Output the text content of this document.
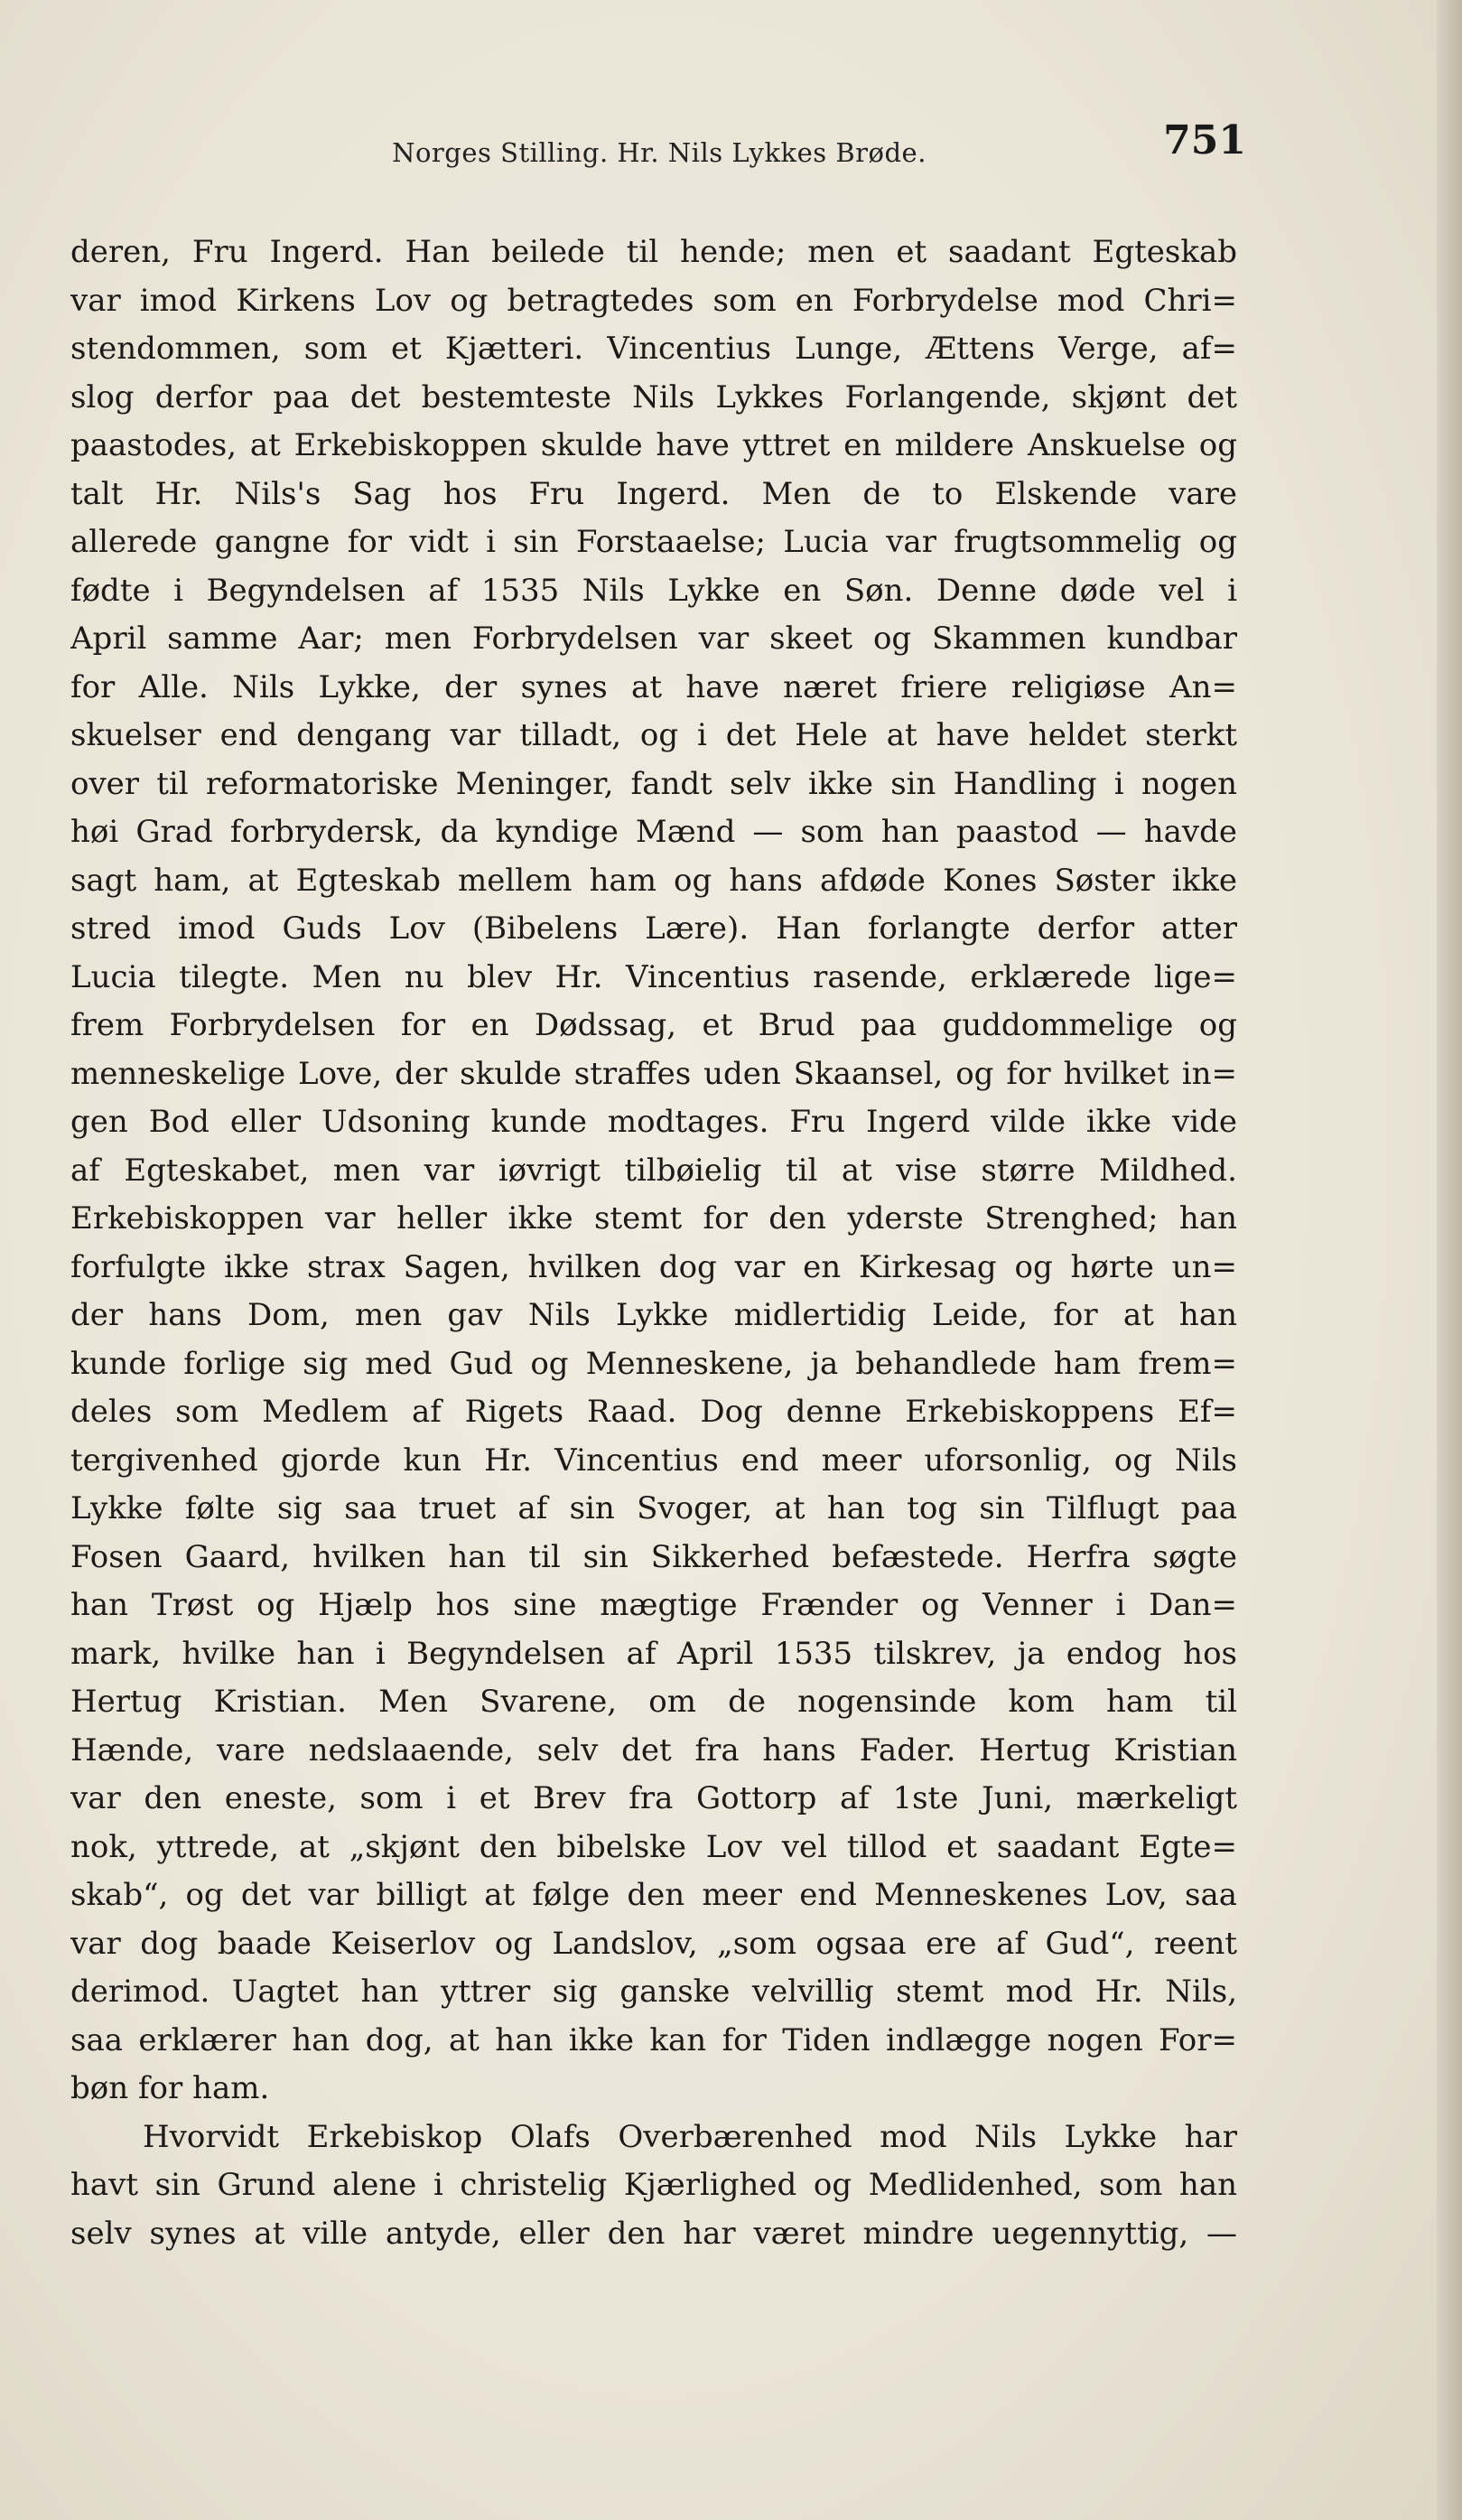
Norges Stilling. Hr. Nils Lykkes Brøde.	751
deren, Fru Ingerd. Han beilede til hende; men et saadant Egteskab
var imod Kirkens Lov og betragtedes som en Forbrydelse mod Chri=
stendommen, som et Kjætteri. Vincentius Lunge, Ættens Verge, af=
slog derfor paa det bestemteste Nils Lykkes Forlangende, skjønt det
paastodes, at Erkebiskoppen skulde have yttret en mildere Anskuelse og
talt Hr. Nils's Sag hos Fru Ingerd. Men de to Elskende vare
allerede gangne for vidt i sin Forstaaelse; Lucia var frugtsommelig og
fødte i Begyndelsen af 1535 Nils Lykke en Søn. Denne døde vel i
April samme Aar; men Forbrydelsen var skeet og Skammen kundbar
for Alle. Nils Lykke, der synes at have næret friere religiøse An=
skuelser end dengang var tilladt, og i det Hele at have heldet sterkt
over til reformatoriske Meninger, fandt selv ikke sin Handling i nogen
høi Grad forbrydersk, da kyndige Mænd — som han paastod — havde
sagt ham, at Egteskab mellem ham og hans afdøde Kones Søster ikke
stred imod Guds Lov (Bibelens Lære). Han forlangte derfor atter
Lucia tilegte. Men nu blev Hr. Vincentius rasende, erklærede lige=
frem Forbrydelsen for en Dødssag, et Brud paa guddommelige og
menneskelige Love, der skulde straffes uden Skaansel, og for hvilket in=
gen Bod eller Udsoning kunde modtages. Fru Ingerd vilde ikke vide
af Egteskabet, men var iøvrigt tilbøielig til at vise større Mildhed.
Erkebiskoppen var heller ikke stemt for den yderste Strenghed; han
forfulgte ikke strax Sagen, hvilken dog var en Kirkesag og hørte un=
der hans Dom, men gav Nils Lykke midlertidig Leide, for at han
kunde forlige sig med Gud og Menneskene, ja behandlede ham frem=
deles som Medlem af Rigets Raad. Dog denne Erkebiskoppens Ef=
tergivenhed gjorde kun Hr. Vincentius end meer uforsonlig, og Nils
Lykke følte sig saa truet af sin Svoger, at han tog sin Tilflugt paa
Fosen Gaard, hvilken han til sin Sikkerhed befæstede. Herfra søgte
han Trøst og Hjælp hos sine mægtige Frænder og Venner i Dan=
mark, hvilke han i Begyndelsen af April 1535 tilskrev, ja endog hos
Hertug Kristian. Men Svarene, om de nogensinde kom ham til
Hænde, vare nedslaaende, selv det fra hans Fader. Hertug Kristian
var den eneste, som i et Brev fra Gottorp af 1ste Juni, mærkeligt
nok, yttrede, at „skjønt den bibelske Lov vel tillod et saadant Egte=
skab“, og det var billigt at følge den meer end Menneskenes Lov, saa
var dog baade Keiserlov og Landslov, „som ogsaa ere af Gud“, reent
derimod. Uagtet han yttrer sig ganske velvillig stemt mod Hr. Nils,
saa erklærer han dog, at han ikke kan for Tiden indlægge nogen For=
bøn for ham.
Hvorvidt Erkebiskop Olafs Overbærenhed mod Nils Lykke har
havt sin Grund alene i christelig Kjærlighed og Medlidenhed, som han
selv synes at ville antyde, eller den har været mindre uegennyttig, —
